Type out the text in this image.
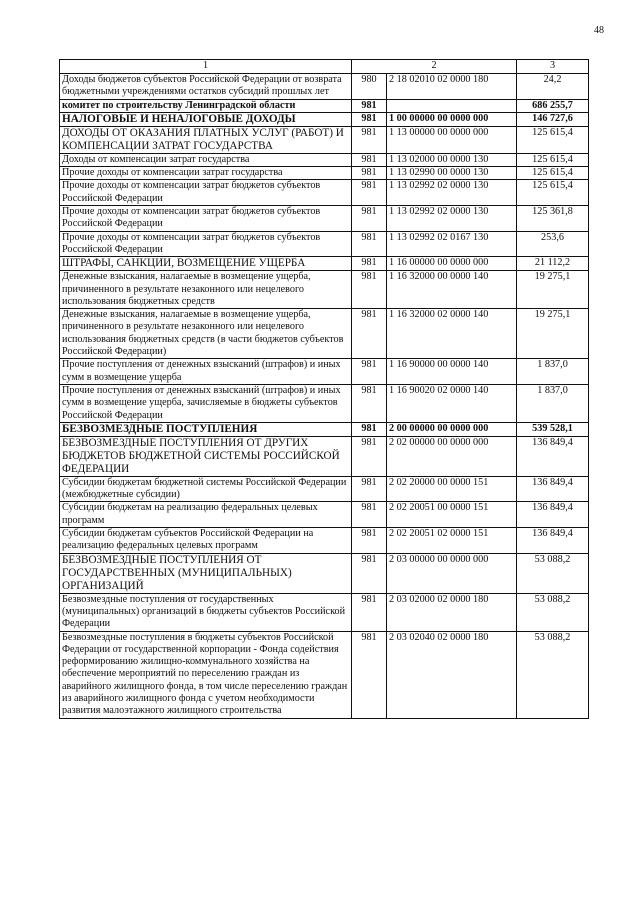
48
1	2		3
Доходы бюджетов субъектов Российской Федерации от возврата бюджетными учреждениями остатков субсидий прошлых лет	980	2 18 02010 02 0000 180	24,2
комитет по строительству Ленинградской области	981		686 255,7
НАЛОГОВЫЕ И НЕНАЛОГОВЫЕ ДОХОДЫ	981	1 00 00000 00 0000 000	146 727,6
ДОХОДЫ ОТ ОКАЗАНИЯ ПЛАТНЫХ УСЛУГ (РАБОТ) И КОМПЕНСАЦИИ ЗАТРАТ ГОСУДАРСТВА	981	1 13 00000 00 0000 000	125 615,4
Доходы от компенсации затрат государства	981	1 13 02000 00 0000 130	125 615,4
Прочие доходы от компенсации затрат государства	981	1 13 02990 00 0000 130	125 615,4
Прочие доходы от компенсации затрат бюджетов субъектов Российской Федерации	981	1 13 02992 02 0000 130	125 615,4
Прочие доходы от компенсации затрат бюджетов субъектов Российской Федерации	981	1 13 02992 02 0000 130	125 361,8
Прочие доходы от компенсации затрат бюджетов субъектов Российской Федерации	981	1 13 02992 02 0167 130	253,6
ШТРАФЫ, САНКЦИИ, ВОЗМЕЩЕНИЕ УЩЕРБА	981	1 16 00000 00 0000 000	21 112,2
Денежные взыскания, налагаемые в возмещение ущерба, причиненного в результате незаконного или нецелевого использования бюджетных средств	981	1 16 32000 00 0000 140	19 275,1
Денежные взыскания, налагаемые в возмещение ущерба, причиненного в результате незаконного или нецелевого использования бюджетных средств (в части бюджетов субъектов Российской Федерации)	981	1 16 32000 02 0000 140	19 275,1
Прочие поступления от денежных взысканий (штрафов) и иных сумм в возмещение ущерба	981	1 16 90000 00 0000 140	1 837,0
Прочие поступления от денежных взысканий (штрафов) и иных сумм в возмещение ущерба, зачисляемые в бюджеты субъектов Российской Федерации	981	1 16 90020 02 0000 140	1 837,0
БЕЗВОЗМЕЗДНЫЕ ПОСТУПЛЕНИЯ	981	2 00 00000 00 0000 000	539 528,1
БЕЗВОЗМЕЗДНЫЕ ПОСТУПЛЕНИЯ ОТ ДРУГИХ БЮДЖЕТОВ БЮДЖЕТНОЙ СИСТЕМЫ РОССИЙСКОЙ ФЕДЕРАЦИИ	981	2 02 00000 00 0000 000	136 849,4
Субсидии бюджетам бюджетной системы Российской Федерации (межбюджетные субсидии)	981	2 02 20000 00 0000 151	136 849,4
Субсидии бюджетам на реализацию федеральных целевых программ	981	2 02 20051 00 0000 151	136 849,4
Субсидии бюджетам субъектов Российской Федерации на реализацию федеральных целевых программ	981	2 02 20051 02 0000 151	136 849,4
БЕЗВОЗМЕЗДНЫЕ ПОСТУПЛЕНИЯ ОТ ГОСУДАРСТВЕННЫХ (МУНИЦИПАЛЬНЫХ) ОРГАНИЗАЦИЙ	981	2 03 00000 00 0000 000	53 088,2
Безвозмездные поступления от государственных (муниципальных) организаций в бюджеты субъектов Российской Федерации	981	2 03 02000 02 0000 180	53 088,2
Безвозмездные поступления в бюджеты субъектов Российской Федерации от государственной корпорации - Фонда содействия реформированию жилищно-коммунального хозяйства на обеспечение мероприятий по переселению граждан из аварийного жилищного фонда, в том числе переселению граждан из аварийного жилищного фонда с учетом необходимости развития малоэтажного жилищного строительства	981	2 03 02040 02 0000 180	53 088,2
